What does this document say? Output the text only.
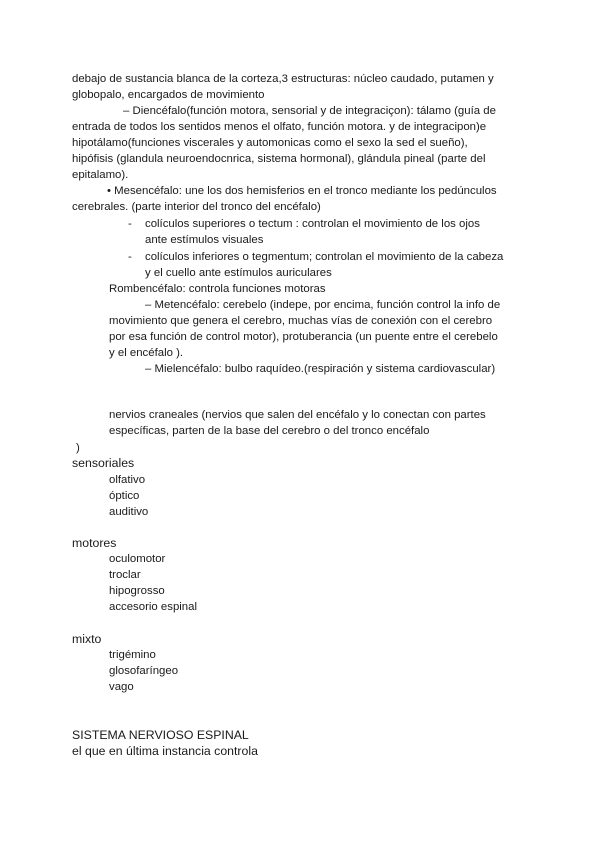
debajo de sustancia blanca de la corteza,3 estructuras: núcleo caudado, putamen y
globopalo, encargados de movimiento
– Diencéfalo(función motora, sensorial y de integraciçon): tálamo (guía de
entrada de todos los sentidos menos el olfato, función motora. y de integracipon)e
hipotálamo(funciones viscerales y automonicas como el sexo la sed el sueño),
hipófisis (glandula neuroendocnrica, sistema hormonal), glándula pineal (parte del
epitalamo).
• Mesencéfalo: une los dos hemisferios en el tronco mediante los pedúnculos
cerebrales. (parte interior del tronco del encéfalo)
- colículos superiores o tectum : controlan el movimiento de los ojos
ante estímulos visuales
- colículos inferiores o tegmentum; controlan el movimiento de la cabeza
y el cuello ante estímulos auriculares
Rombencéfalo: controla funciones motoras
– Metencéfalo: cerebelo (indepe, por encima, función control la info de
movimiento que genera el cerebro, muchas vías de conexión con el cerebro
por esa función de control motor), protuberancia (un puente entre el cerebelo
y el encéfalo ).
– Mielencéfalo: bulbo raquídeo.(respiración y sistema cardiovascular)
nervios craneales (nervios que salen del encéfalo y lo conectan con partes
específicas, parten de la base del cerebro o del tronco encéfalo
)
sensoriales
olfativo
óptico
auditivo
motores
oculomotor
troclar
hipogrosso
accesorio espinal
mixto
trigémino
glosofaríngeo
vago
SISTEMA NERVIOSO ESPINAL
el que en última instancia controla
